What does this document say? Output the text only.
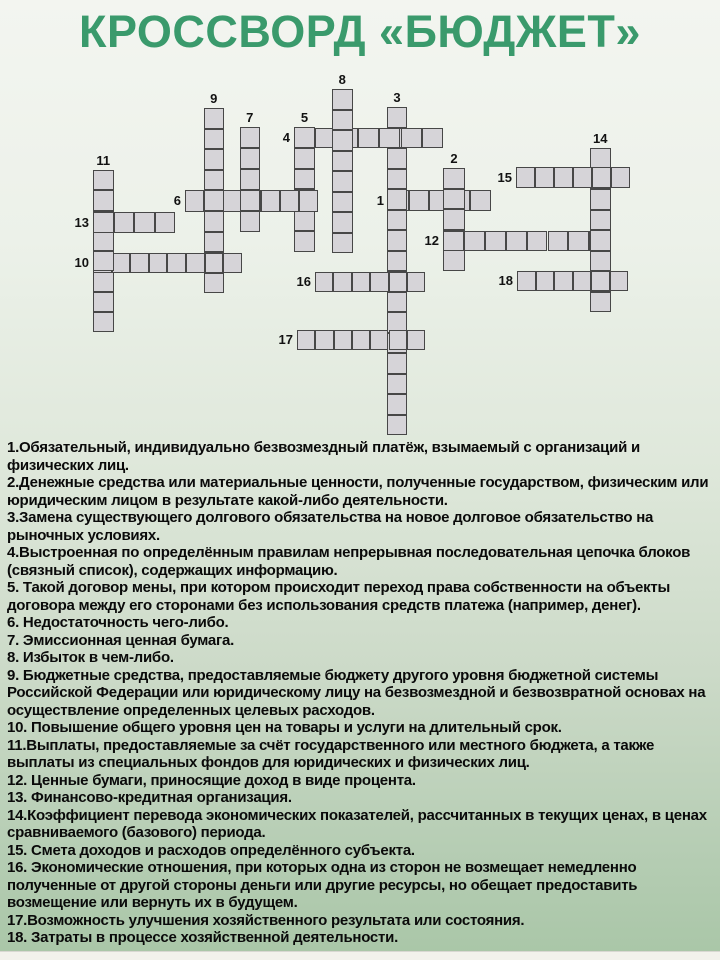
КРОССВОРД «БЮДЖЕТ»
1
2
3
4
5
6
7
8
9
10
11
12
13
14
15
16
17
18

1.Обязательный, индивидуально безвозмездный платёж, взымаемый с организаций и физических лиц.

2.Денежные средства или материальные ценности, полученные государством, физическим или юридическим лицом в результате какой-либо деятельности.

3.Замена существующего долгового обязательства на новое долговое обязательство на рыночных условиях.

4.Выстроенная по определённым правилам непрерывная последовательная цепочка блоков (связный список), содержащих информацию.

5. Такой договор мены, при котором происходит переход права собственности на объекты договора между его сторонами без использования средств платежа (например, денег).

6. Недостаточность чего-либо.

7. Эмиссионная ценная бумага.

8. Избыток в чем-либо.

9. Бюджетные средства, предоставляемые бюджету другого уровня бюджетной системы Российской Федерации или юридическому лицу на безвозмездной и безвозвратной основах на осуществление определенных целевых расходов.

10. Повышение общего уровня цен на товары и услуги на длительный срок.

11.Выплаты, предоставляемые за счёт государственного или местного бюджета, а также выплаты из специальных фондов для юридических и физических лиц.

12. Ценные бумаги, приносящие доход в виде процента.

13. Финансово-кредитная организация.

14.Коэффициент перевода экономических показателей, рассчитанных в текущих ценах, в ценах сравниваемого (базового) периода.

15. Смета доходов и расходов определённого субъекта.

16. Экономические отношения, при которых одна из сторон не возмещает немедленно полученные от другой стороны деньги или другие ресурсы, но обещает предоставить возмещение или вернуть их в будущем.

17.Возможность улучшения хозяйственного результата или состояния.

18. Затраты в процессе хозяйственной деятельности.
